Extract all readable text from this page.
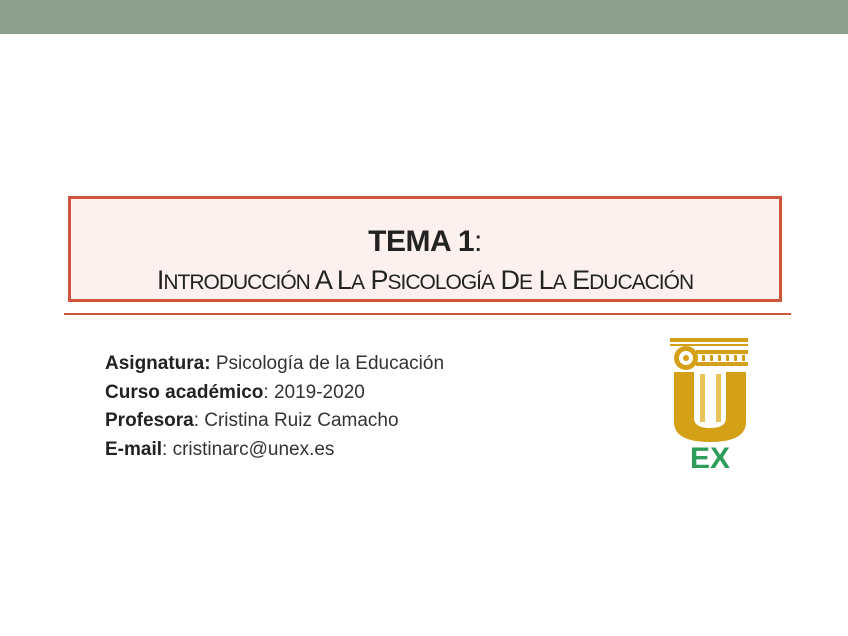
TEMA 1:
INTRODUCCIÓN A LA PSICOLOGÍA DE LA EDUCACIÓN
Asignatura: Psicología de la Educación
Curso académico: 2019-2020
Profesora: Cristina Ruiz Camacho
E-mail: cristinarc@unex.es	EX
